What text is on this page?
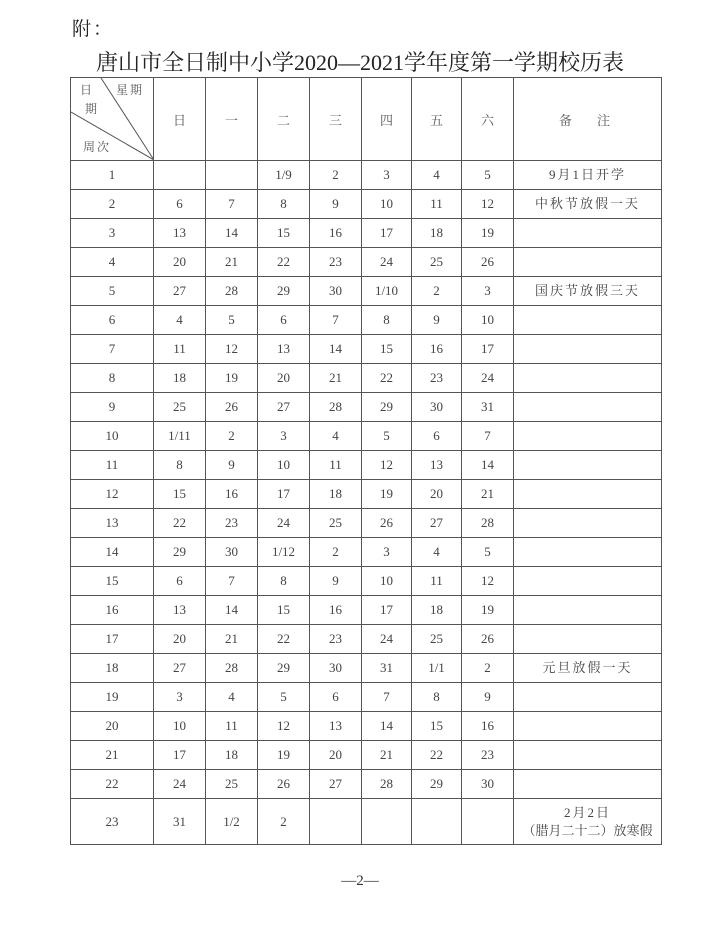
附：
唐山市全日制中小学2020—2021学年度第一学期校历表
日
期
星期
周次	日	一	二	三	四	五	六	备　注
1			1/9	2	3	4	5	9月1日开学

2	6	7	8	9	10	11	12	中秋节放假一天

3	13	14	15	16	17	18	19	

4	20	21	22	23	24	25	26	

5	27	28	29	30	1/10	2	3	国庆节放假三天

6	4	5	6	7	8	9	10	

7	11	12	13	14	15	16	17	

8	18	19	20	21	22	23	24	

9	25	26	27	28	29	30	31	

10	1/11	2	3	4	5	6	7	

11	8	9	10	11	12	13	14	

12	15	16	17	18	19	20	21	

13	22	23	24	25	26	27	28	

14	29	30	1/12	2	3	4	5	

15	6	7	8	9	10	11	12	

16	13	14	15	16	17	18	19	

17	20	21	22	23	24	25	26	

18	27	28	29	30	31	1/1	2	元旦放假一天

19	3	4	5	6	7	8	9	

20	10	11	12	13	14	15	16	

21	17	18	19	20	21	22	23	

22	24	25	26	27	28	29	30	

23	31	1/2	2					2月2日
（腊月二十二）放寒假
—2—
